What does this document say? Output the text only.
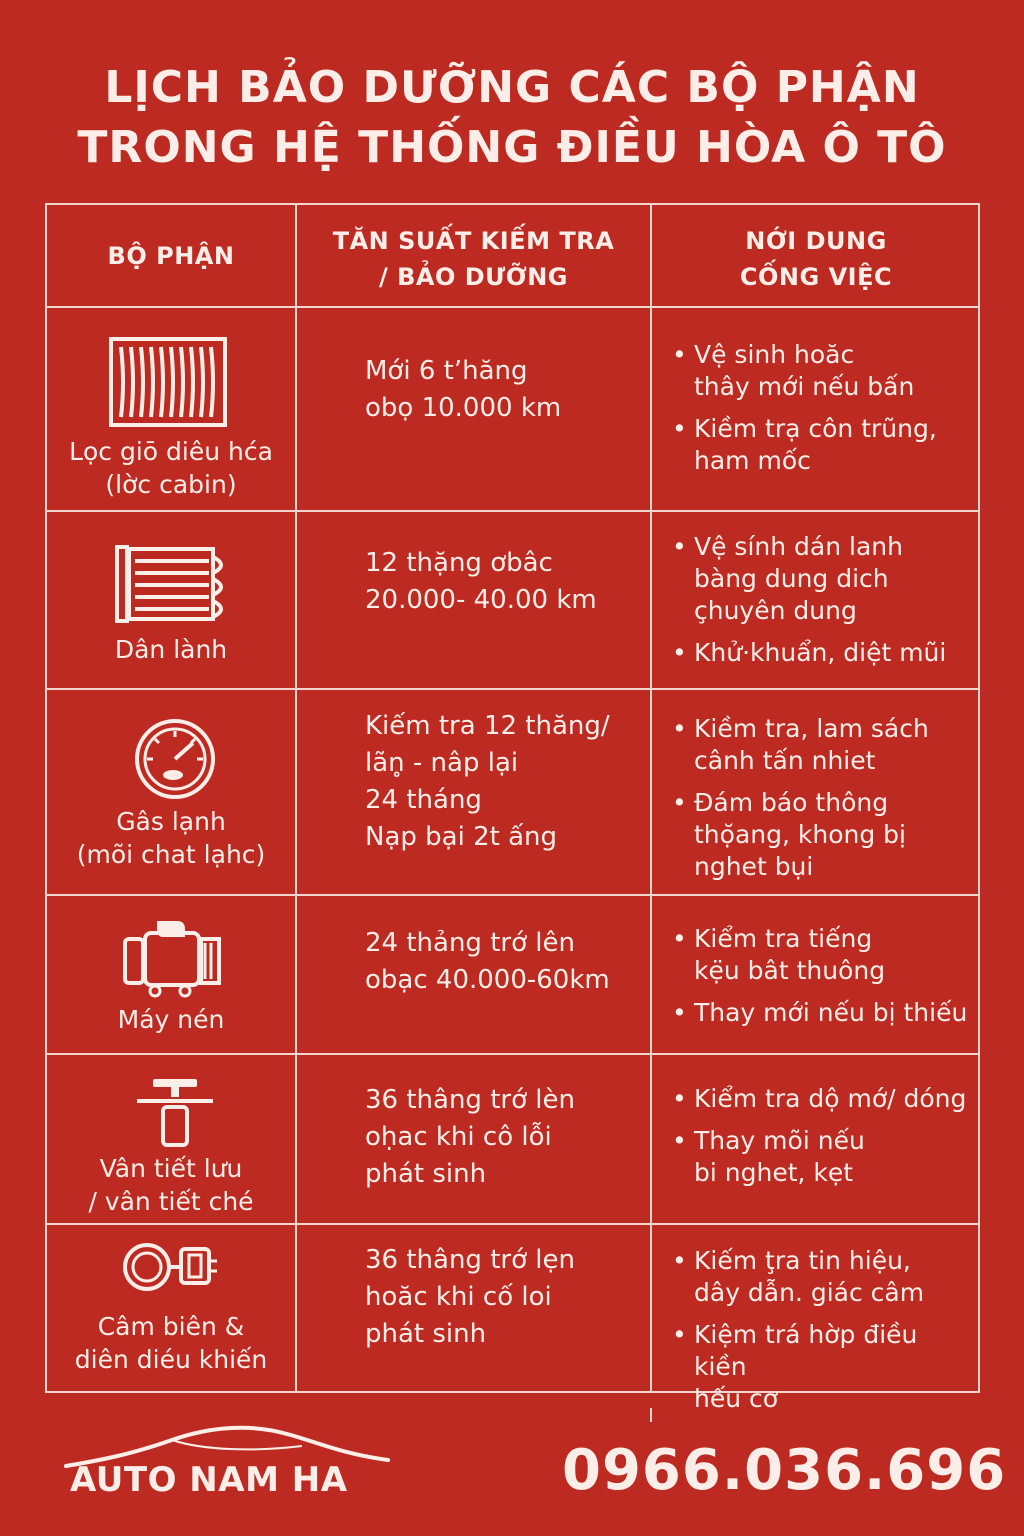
LỊCH BẢO DƯỠNG CÁC BỘ PHẬN
TRONG HỆ THỐNG ĐIỀU HÒA Ô TÔ
BỘ PHẬN
TĂN SUẤT KIẾM TRA
/ BẢO DƯỠNG
NỚI DUNG
CỐNG VIỆC
Lọc giō diêu hća
(lờc cabin)
Mới 6 t’hăng
obọ 10.000 km
• Vệ sinh hoăc
thây mới nếu bấn
• Kiềm trạ côn trũng,
ham mốc
Dân lành
12 thặng ơbâc
20.000- 40.00 km
• Vệ sính dán lanh
bàng dung dich
çhuyên dung
• Khử·khuẩn, diệt mũi
Gâs lạnh
(mõi chat lạhc)
Kiếm tra 12 thăng/
lãn̥ - nâp lại
24 tháng
Nạp bại 2t ấng
• Kiềm tra, lam sách
cânh tấn nhiet
• Đám báo thông
thọ̆ang, khong bị
nghet bụi
Máy nén
24 thảng trớ lên
obạc 40.000-60km
• Kiểm tra tiếng
kẹ̈u bât thuông
• Thay mới nếu bị thiếu
Vân tiết lưu
/ vân tiết ché
36 thâng trớ lèn
oḥac khi cô lỗi
phát sinh
• Kiểm tra dộ mớ/ dóng
• Thay mõi nếu
bi nghet, kẹt
Câm biên &
diên diéu khiến
36 thâng trớ lẹn
hoăc khi cố loi
phát sinh
• Kiếm ţra tin hiệu,
dây dẫn. giác câm
• Kiệm trá hờp điều kiền
hếu cơ
AUTO NAM HA	0966.036.696
